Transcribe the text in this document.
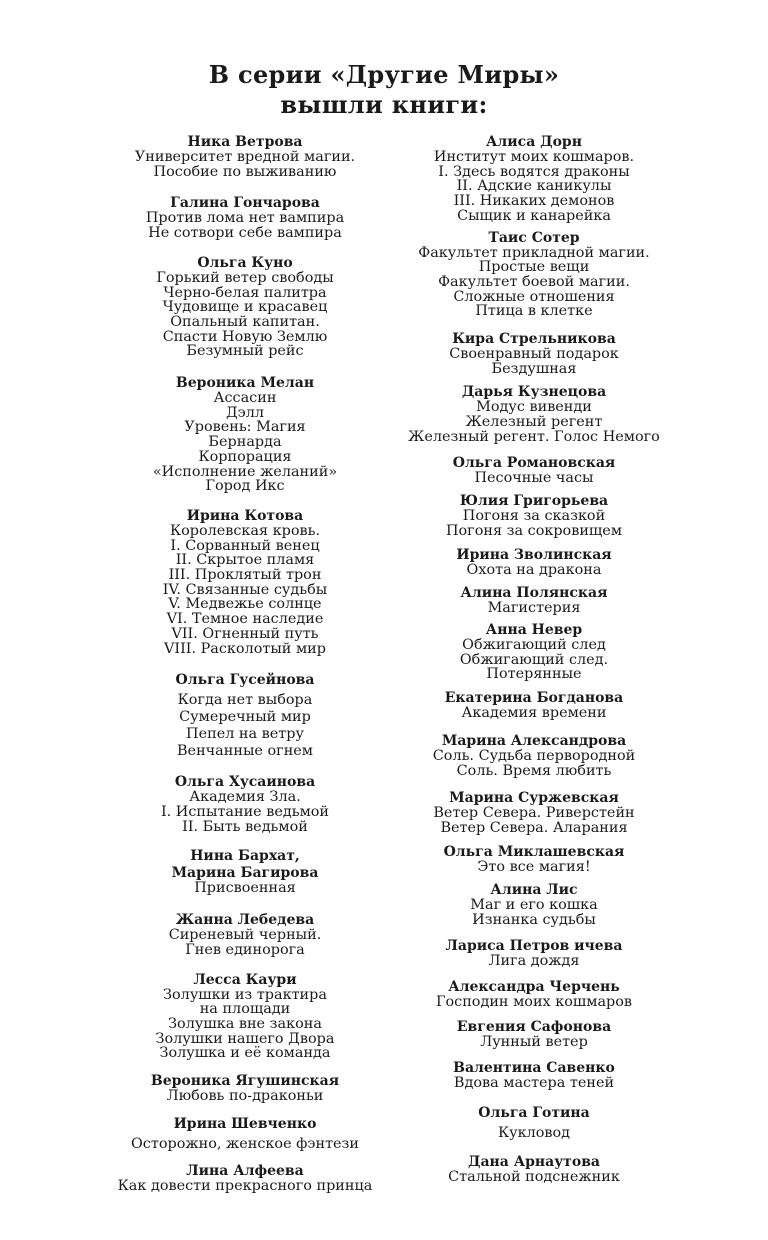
В серии «Другие Миры»
вышли книги:
Ника Ветрова
Университет вредной магии.
Пособие по выживанию
Галина Гончарова
Против лома нет вампира
Не сотвори себе вампира
Ольга Куно
Горький ветер свободы
Черно-белая палитра
Чудовище и красавец
Опальный капитан.
Спасти Новую Землю
Безумный рейс
Вероника Мелан
Ассасин
Дэлл
Уровень: Магия
Бернарда
Корпорация
«Исполнение желаний»
Город Икс
Ирина Котова
Королевская кровь.
I. Сорванный венец
II. Скрытое пламя
III. Проклятый трон
IV. Связанные судьбы
V. Медвежье солнце
VI. Темное наследие
VII. Огненный путь
VIII. Расколотый мир
Ольга Гусейнова
Когда нет выбора
Сумеречный мир
Пепел на ветру
Венчанные огнем
Ольга Хусаинова
Академия Зла.
I. Испытание ведьмой
II. Быть ведьмой
Нина Бархат,
Марина Багирова
Присвоенная
Жанна Лебедева
Сиреневый черный.
Гнев единорога
Лесса Каури
Золушки из трактира
на площади
Золушка вне закона
Золушки нашего Двора
Золушка и её команда
Вероника Ягушинская
Любовь по-драконьи
Ирина Шевченко
Осторожно, женское фэнтези
Лина Алфеева
Как довести прекрасного принца
Алиса Дорн
Институт моих кошмаров.
I. Здесь водятся драконы
II. Адские каникулы
III. Никаких демонов
Сыщик и канарейка
Таис Сотер
Факультет прикладной магии.
Простые вещи
Факультет боевой магии.
Сложные отношения
Птица в клетке
Кира Стрельникова
Своенравный подарок
Бездушная
Дарья Кузнецова
Модус вивенди
Железный регент
Железный регент. Голос Немого
Ольга Романовская
Песочные часы
Юлия Григорьева
Погоня за сказкой
Погоня за сокровищем
Ирина Зволинская
Охота на дракона
Алина Полянская
Магистерия
Анна Невер
Обжигающий след
Обжигающий след.
Потерянные
Екатерина Богданова
Академия времени
Марина Александрова
Соль. Судьба первородной
Соль. Время любить
Марина Суржевская
Ветер Севера. Риверстейн
Ветер Севера. Аларания
Ольга Миклашевская
Это все магия!
Алина Лис
Маг и его кошка
Изнанка судьбы
Лариса Петров ичева
Лига дождя
Александра Черчень
Господин моих кошмаров
Евгения Сафонова
Лунный ветер
Валентина Савенко
Вдова мастера теней
Ольга Готина
Кукловод
Дана Арнаутова
Стальной подснежник
